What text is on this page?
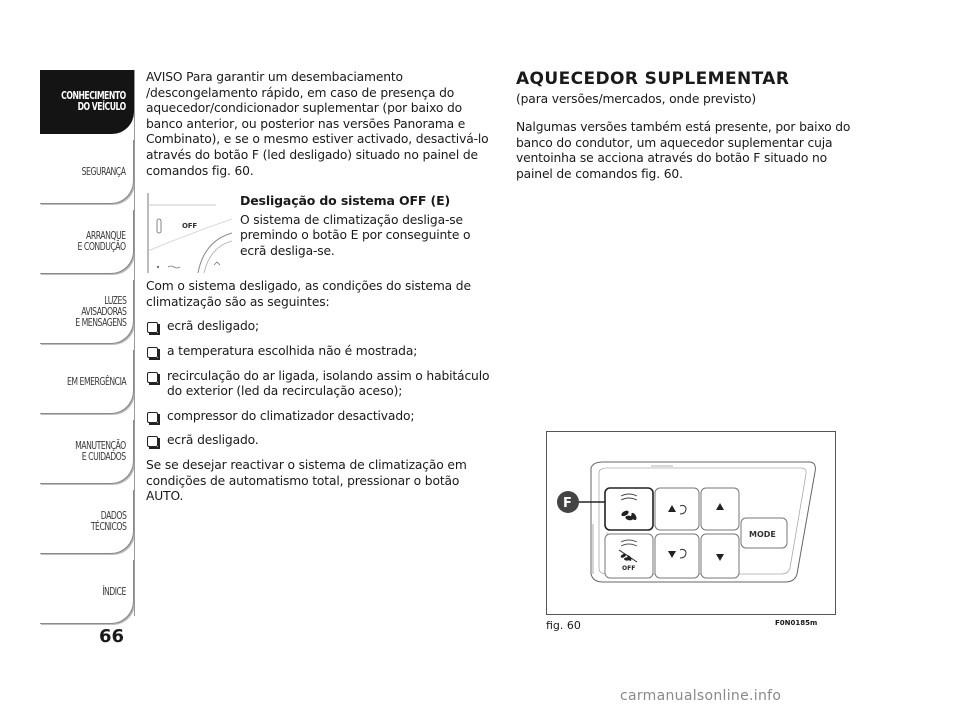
CONHECIMENTO
DO VEÍCULO
SEGURANÇA
ARRANQUE
E CONDUÇÃO
LUZES
AVISADORAS
E MENSAGENS
EM EMERGÊNCIA
MANUTENÇÃO
E CUIDADOS
DADOS
TÉCNICOS
ÍNDICE
66

AVISO Para garantir um desembaciamento /descongelamento rápido, em caso de presença do aquecedor/condicionador suplementar (por baixo do banco anterior, ou posterior nas versões Panorama e Combinato), e se o mesmo estiver activado, desactivá-lo através do botão F (led desligado) situado no painel de comandos fig. 60.

OFF
Desligação do sistema OFF (E)

O sistema de climatização desliga-se premindo o botão E por conseguinte o ecrã desliga-se.

Com o sistema desligado, as condições do sistema de climatização são as seguintes:

ecrã desligado;
a temperatura escolhida não é mostrada;
recirculação do ar ligada, isolando assim o habitáculo do exterior (led da recirculação aceso);
compressor do climatizador desactivado;
ecrã desligado.

Se se desejar reactivar o sistema de climatização em condições de automatismo total, pressionar o botão AUTO.

AQUECEDOR SUPLEMENTAR

(para versões/mercados, onde previsto)

Nalgumas versões também está presente, por baixo do banco do condutor, um aquecedor suplementar cuja ventoinha se acciona através do botão F situado no painel de comandos fig. 60.

OFF
MODE
F
fig. 60	F0N0185m
carmanualsonline.info
